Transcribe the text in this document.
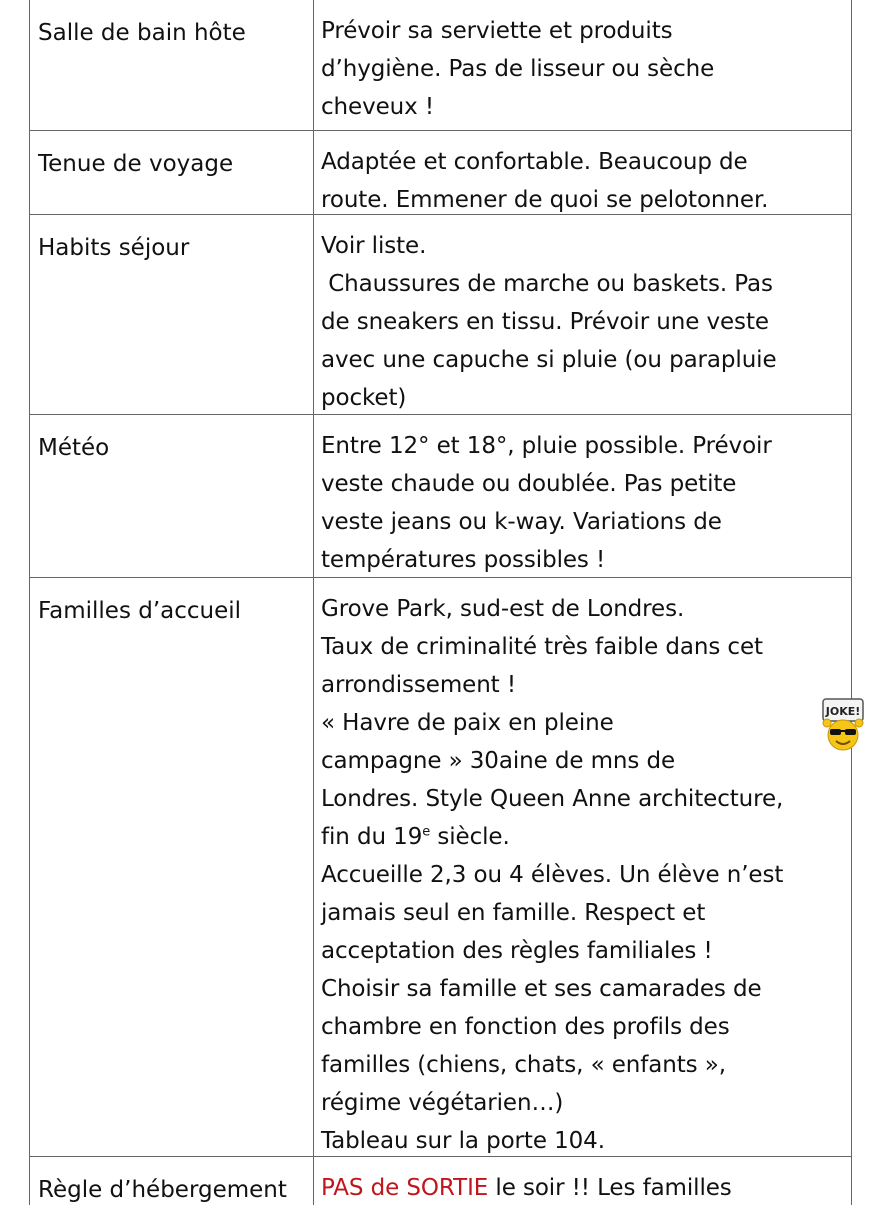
Salle de bain hôte	Prévoir sa serviette et produits

d’hygiène. Pas de lisseur ou sèche

cheveux !

Tenue de voyage	Adaptée et confortable. Beaucoup de

route. Emmener de quoi se pelotonner.

Habits séjour	Voir liste.

Chaussures de marche ou baskets. Pas

de sneakers en tissu. Prévoir une veste

avec une capuche si pluie (ou parapluie

pocket)

Météo	Entre 12° et 18°, pluie possible. Prévoir

veste chaude ou doublée. Pas petite

veste jeans ou k-way. Variations de

températures possibles !

Familles d’accueil	Grove Park, sud-est de Londres.

Taux de criminalité très faible dans cet

arrondissement !

« Havre de paix en pleine

campagne » 30aine de mns de

Londres. Style Queen Anne architecture,

fin du 19e siècle.

Accueille 2,3 ou 4 élèves. Un élève n’est

jamais seul en famille. Respect et

acceptation des règles familiales !

Choisir sa famille et ses camarades de

chambre en fonction des profils des

familles (chiens, chats, « enfants »,

régime végétarien…)

Tableau sur la porte 104.

Règle d’hébergement	PAS de SORTIE le soir !! Les familles

JOKE!
